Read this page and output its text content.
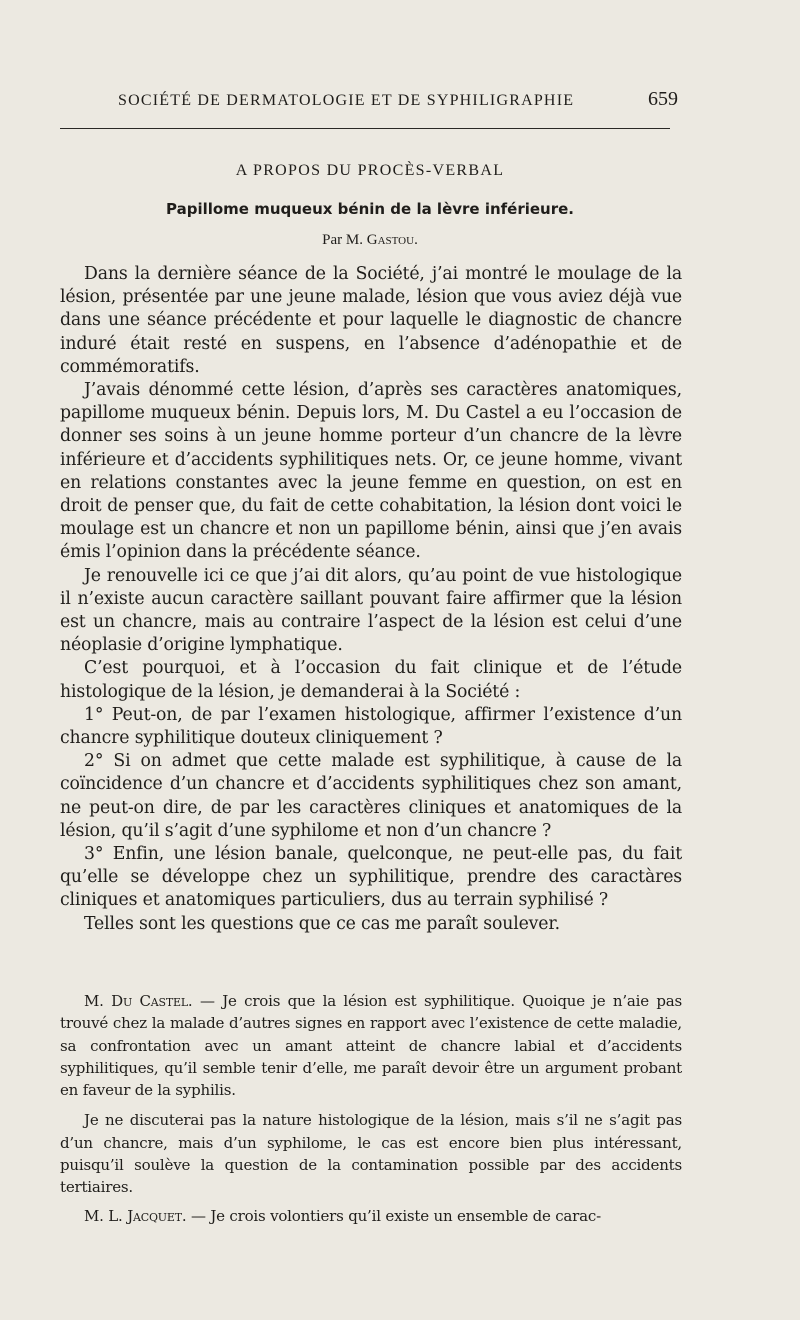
SOCIÉTÉ DE DERMATOLOGIE ET DE SYPHILIGRAPHIE	659
A PROPOS DU PROCÈS-VERBAL
Papillome muqueux bénin de la lèvre inférieure.
Par M. Gastou.

Dans la dernière séance de la Société, j’ai montré le moulage de la lésion, présentée par une jeune malade, lésion que vous aviez déjà vue dans une séance précédente et pour laquelle le diagnostic de chancre induré était resté en suspens, en l’absence d’adénopathie et de commémoratifs.

J’avais dénommé cette lésion, d’après ses caractères anatomiques, papillome muqueux bénin. Depuis lors, M. Du Castel a eu l’occasion de donner ses soins à un jeune homme porteur d’un chancre de la lèvre inférieure et d’accidents syphilitiques nets. Or, ce jeune homme, vivant en relations constantes avec la jeune femme en question, on est en droit de penser que, du fait de cette cohabitation, la lésion dont voici le moulage est un chancre et non un papillome bénin, ainsi que j’en avais émis l’opinion dans la précédente séance.

Je renouvelle ici ce que j’ai dit alors, qu’au point de vue histologique il n’existe aucun caractère saillant pouvant faire affirmer que la lésion est un chancre, mais au contraire l’aspect de la lésion est celui d’une néoplasie d’origine lymphatique.

C’est pourquoi, et à l’occasion du fait clinique et de l’étude histologique de la lésion, je demanderai à la Société :

1° Peut-on, de par l’examen histologique, affirmer l’existence d’un chancre syphilitique douteux cliniquement ?

2° Si on admet que cette malade est syphilitique, à cause de la coïncidence d’un chancre et d’accidents syphilitiques chez son amant, ne peut-on dire, de par les caractères cliniques et anatomiques de la lésion, qu’il s’agit d’une syphilome et non d’un chancre ?

3° Enfin, une lésion banale, quelconque, ne peut-elle pas, du fait qu’elle se développe chez un syphilitique, prendre des caractàres cliniques et anatomiques particuliers, dus au terrain syphilisé ?

Telles sont les questions que ce cas me paraît soulever.

M. Du Castel. — Je crois que la lésion est syphilitique. Quoique je n’aie pas trouvé chez la malade d’autres signes en rapport avec l’existence de cette maladie, sa confrontation avec un amant atteint de chancre labial et d’accidents syphilitiques, qu’il semble tenir d’elle, me paraît devoir être un argument probant en faveur de la syphilis.

Je ne discuterai pas la nature histologique de la lésion, mais s’il ne s’agit pas d’un chancre, mais d’un syphilome, le cas est encore bien plus intéressant, puisqu’il soulève la question de la contamination possible par des accidents tertiaires.

M. L. Jacquet. — Je crois volontiers qu’il existe un ensemble de carac-
